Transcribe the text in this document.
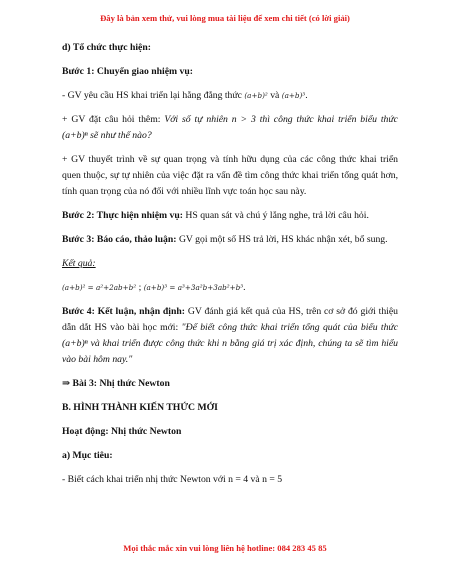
Đây là bản xem thử, vui lòng mua tài liệu để xem chi tiết (có lời giải)

d) Tổ chức thực hiện:

Bước 1: Chuyển giao nhiệm vụ:

- GV yêu cầu HS khai triển lại hằng đẳng thức (a+b)² và (a+b)³.

+ GV đặt câu hỏi thêm: Với số tự nhiên n > 3 thì công thức khai triển biểu thức (a+b)ⁿ sẽ như thế nào?

+ GV thuyết trình về sự quan trọng và tính hữu dụng của các công thức khai triển quen thuộc, sự tự nhiên của việc đặt ra vấn đề tìm công thức khai triển tổng quát hơn, tính quan trọng của nó đối với nhiều lĩnh vực toán học sau này.

Bước 2: Thực hiện nhiệm vụ: HS quan sát và chú ý lắng nghe, trả lời câu hỏi.

Bước 3: Báo cáo, thảo luận: GV gọi một số HS trả lời, HS khác nhận xét, bổ sung.

Kết quả:

(a+b)² = a²+2ab+b² ; (a+b)³ = a³+3a²b+3ab²+b³.

Bước 4: Kết luận, nhận định: GV đánh giá kết quả của HS, trên cơ sở đó giới thiệu dẫn dắt HS vào bài học mới: "Để biết công thức khai triển tổng quát của biểu thức (a+b)ⁿ và khai triển được công thức khi n bằng giá trị xác định, chúng ta sẽ tìm hiểu vào bài hôm nay."

⇒ Bài 3: Nhị thức Newton

B. HÌNH THÀNH KIẾN THỨC MỚI

Hoạt động: Nhị thức Newton

a) Mục tiêu:

- Biết cách khai triển nhị thức Newton với n = 4 và n = 5

Mọi thắc mắc xin vui lòng liên hệ hotline: 084 283 45 85
